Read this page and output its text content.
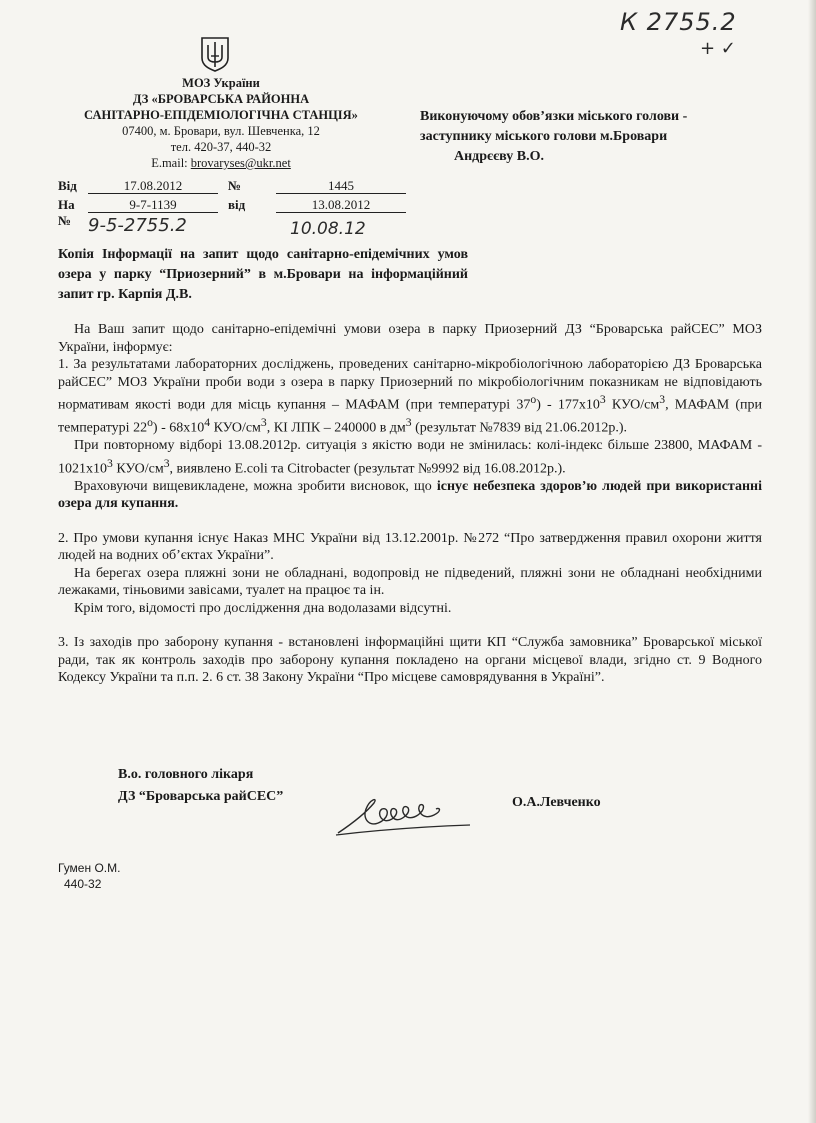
К 2755.2
+ ✓
МОЗ України
ДЗ «БРОВАРСЬКА РАЙОННА
САНІТАРНО-ЕПІДЕМІОЛОГІЧНА СТАНЦІЯ»
07400, м. Бровари, вул. Шевченка, 12
тел. 420-37, 440-32
E.mail: brovaryses@ukr.net
Виконуючому обов’язки міського голови -
заступнику міського голови м.Бровари
Андрєєву В.О.
Від	17.08.2012	№	1445
На №
9-7-1139	від	13.08.2012
9-5-2755.2	10.08.12
Копія Інформації на запит щодо санітарно-епідемічних умов озера у парку “Приозерний” в м.Бровари на інформаційний запит гр. Карпія Д.В.

На Ваш запит щодо санітарно-епідемічні умови озера в парку Приозерний ДЗ “Броварська райСЕС” МОЗ України, інформує:

1. За результатами лабораторних досліджень, проведених санітарно-мікробіологічною лабораторією ДЗ Броварська райСЕС” МОЗ України проби води з озера в парку Приозерний по мікробіологічним показникам не відповідають нормативам якості води для місць купання – МАФАМ (при температурі $37^о) - 177х10^3$ КУО/$см^3$, МАФАМ (при температурі $22^о) - 68х10^4$ КУО/$см^3$, КІ ЛПК – 240000 в $дм^3$ (результат №7839 від 21.06.2012р.).

При повторному відборі 13.08.2012р. ситуація з якістю води не змінилась: колі-індекс більше 23800, МАФАМ - $1021х10^3$ КУО/$см^3$, виявлено E.coli та Citrobacter (результат №9992 від 16.08.2012р.).

Враховуючи вищевикладене, можна зробити висновок, що існує небезпека здоров’ю людей при використанні озера для купання.

2. Про умови купання існує Наказ МНС України від 13.12.2001р. №272 “Про затвердження правил охорони життя людей на водних об’єктах України”.

На берегах озера пляжні зони не обладнані, водопровід не підведений, пляжні зони не обладнані необхідними лежаками, тіньовими завісами, туалет на працює та ін.

Крім того, відомості про дослідження дна водолазами відсутні.

3. Із заходів про заборону купання - встановлені інформаційні щити КП “Служба замовника” Броварської міської ради, так як контроль заходів про заборону купання покладено на органи місцевої влади, згідно ст. 9 Водного Кодексу України та п.п. 2. 6 ст. 38 Закону України “Про місцеве самоврядування в Україні”.

В.о. головного лікаря
ДЗ “Броварська райСЕС”	О.А.Левченко
Гумен О.М.
440-32
